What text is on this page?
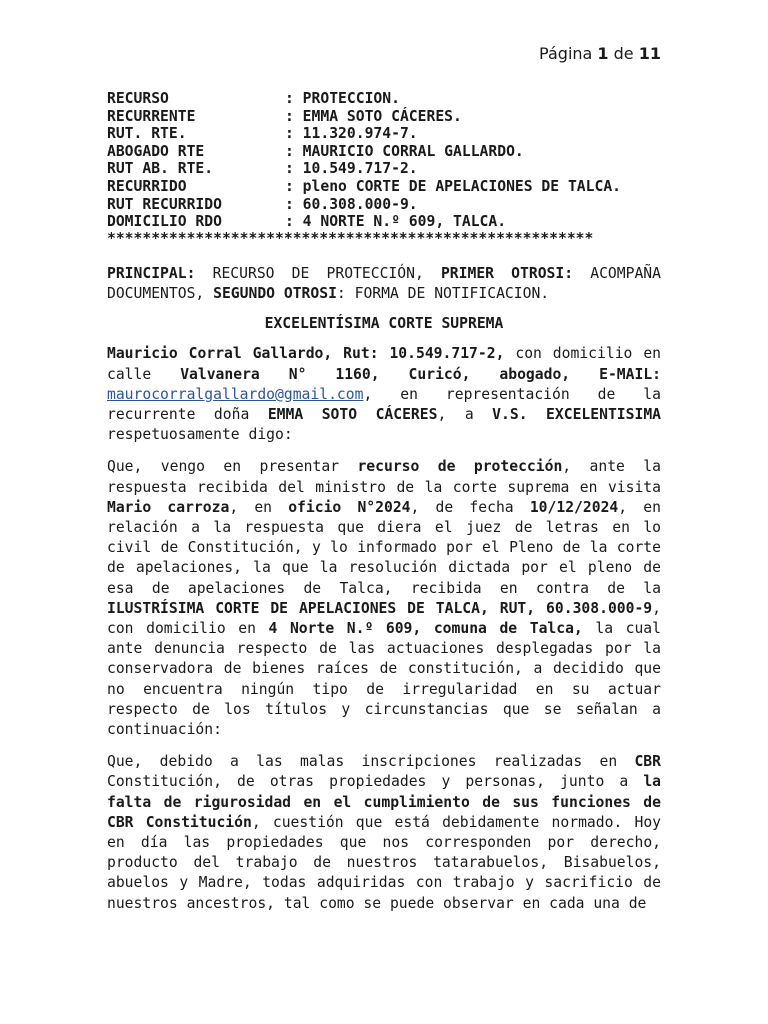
Página 1 de 11
RECURSO	: PROTECCION.
RECURRENTE	: EMMA SOTO CÁCERES.
RUT. RTE.	: 11.320.974-7.
ABOGADO RTE	: MAURICIO CORRAL GALLARDO.
RUT AB. RTE.	: 10.549.717-2.
RECURRIDO	: pleno CORTE DE APELACIONES DE TALCA.
RUT RECURRIDO	: 60.308.000-9.
DOMICILIO RDO	: 4 NORTE N.º 609, TALCA.
*******************************************************

PRINCIPAL: RECURSO DE PROTECCIÓN, PRIMER OTROSI: ACOMPAÑA DOCUMENTOS, SEGUNDO OTROSI: FORMA DE NOTIFICACION.

EXCELENTÍSIMA CORTE SUPREMA

Mauricio Corral Gallardo, Rut: 10.549.717-2, con domicilio en calle Valvanera N° 1160, Curicó, abogado, E-MAIL: maurocorralgallardo@gmail.com, en representación de la recurrente doña EMMA SOTO CÁCERES, a V.S. EXCELENTISIMA respetuosamente digo:

Que, vengo en presentar recurso de protección, ante la respuesta recibida del ministro de la corte suprema en visita Mario carroza, en oficio N°2024, de fecha 10/12/2024, en relación a la respuesta que diera el juez de letras en lo civil de Constitución, y lo informado por el Pleno de la corte de apelaciones, la que la resolución dictada por el pleno de esa de apelaciones de Talca, recibida en contra de la ILUSTRÍSIMA CORTE DE APELACIONES DE TALCA, RUT, 60.308.000-9, con domicilio en 4 Norte N.º 609, comuna de Talca, la cual ante denuncia respecto de las actuaciones desplegadas por la conservadora de bienes raíces de constitución, a decidido que no encuentra ningún tipo de irregularidad en su actuar respecto de los títulos y circunstancias que se señalan a continuación:

Que, debido a las malas inscripciones realizadas en CBR Constitución, de otras propiedades y personas, junto a la falta de rigurosidad en el cumplimiento de sus funciones de CBR Constitución, cuestión que está debidamente normado. Hoy en día las propiedades que nos corresponden por derecho, producto del trabajo de nuestros tatarabuelos, Bisabuelos, abuelos y Madre, todas adquiridas con trabajo y sacrificio de nuestros ancestros, tal como se puede observar en cada una de
